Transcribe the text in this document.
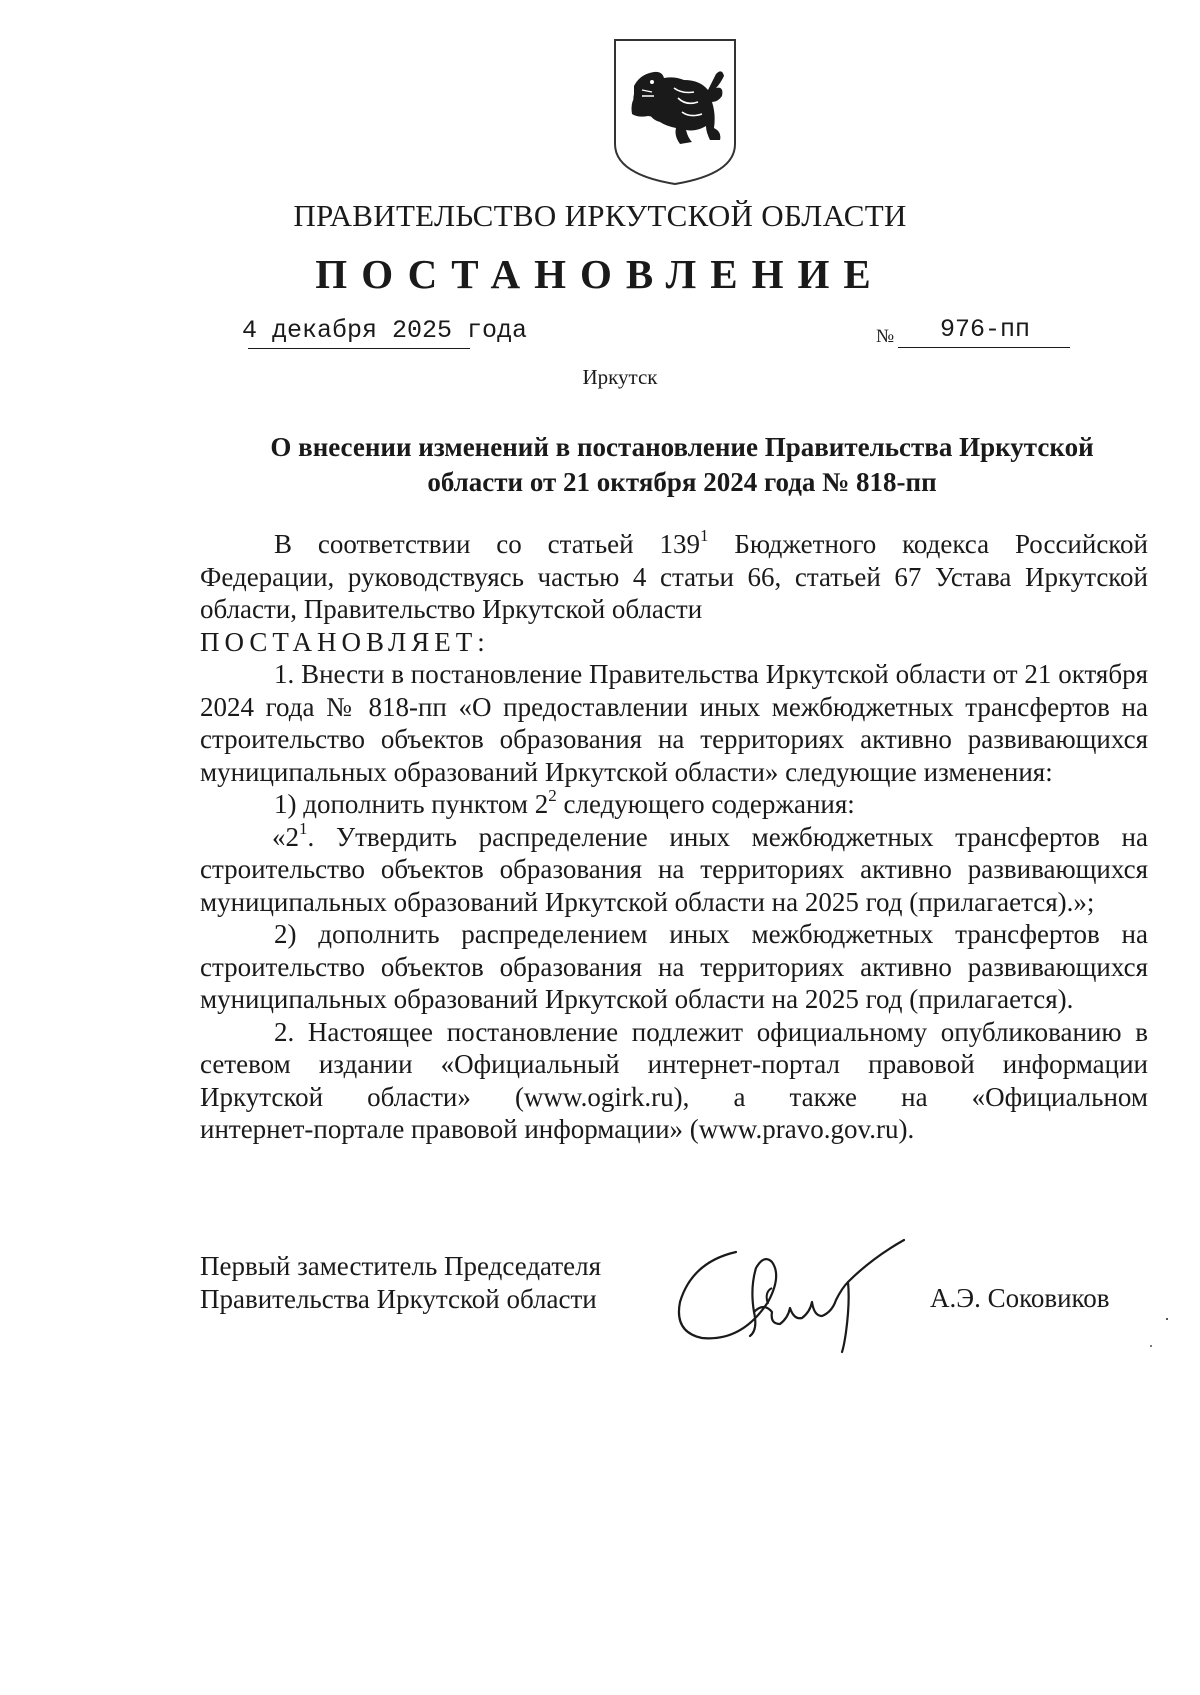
ПРАВИТЕЛЬСТВО ИРКУТСКОЙ ОБЛАСТИ
ПОСТАНОВЛЕНИЕ
4 декабря 2025 года	№ 976-пп
Иркутск
О внесении изменений в постановление Правительства Иркутской
области от 21 октября 2024 года № 818-пп

В соответствии со статьей $139^1$ Бюджетного кодекса Российской Федерации, руководствуясь частью 4 статьи 66, статьей 67 Устава Иркутской области, Правительство Иркутской области

ПОСТАНОВЛЯЕТ:

1. Внести в постановление Правительства Иркутской области от 21 октября 2024 года № 818-пп «О предоставлении иных межбюджетных трансфертов на строительство объектов образования на территориях активно развивающихся муниципальных образований Иркутской области» следующие изменения:

1) дополнить пунктом $2^2$ следующего содержания:

«$2^1$. Утвердить распределение иных межбюджетных трансфертов на строительство объектов образования на территориях активно развивающихся муниципальных образований Иркутской области на 2025 год (прилагается).»;

2) дополнить распределением иных межбюджетных трансфертов на строительство объектов образования на территориях активно развивающихся муниципальных образований Иркутской области на 2025 год (прилагается).

2. Настоящее постановление подлежит официальному опубликованию в сетевом издании «Официальный интернет-портал правовой информации Иркутской области» (www.ogirk.ru), а также на «Официальном

интернет-портале правовой информации» (www.pravo.gov.ru).

Первый заместитель Председателя
Правительства Иркутской области	А.Э. Соковиков
